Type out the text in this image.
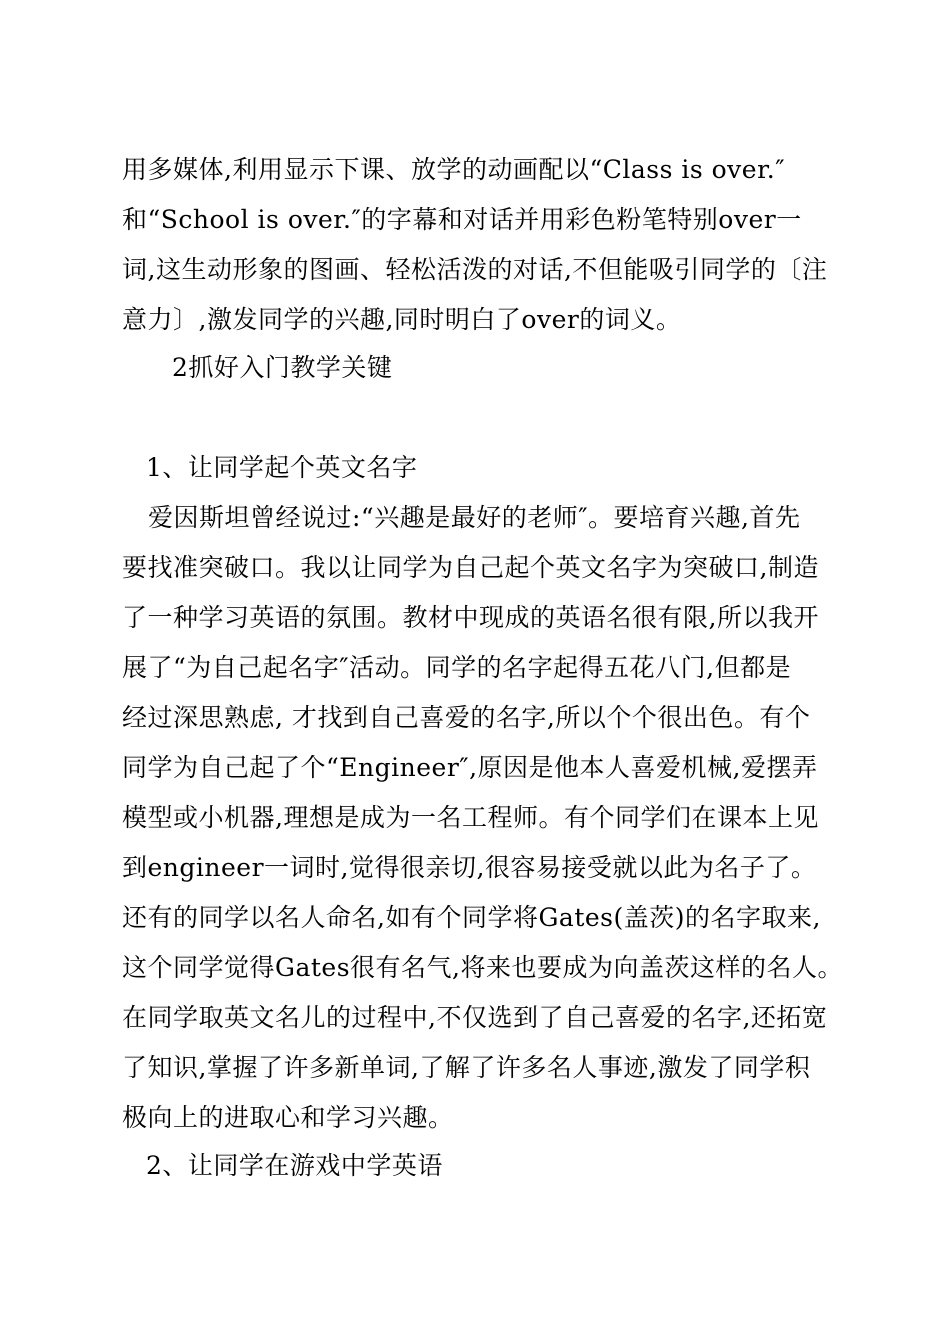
用多媒体,利用显示下课、放学的动画配以“Class is over.″
和“School is over.″的字幕和对话并用彩色粉笔特别over一
词,这生动形象的图画、轻松活泼的对话,不但能吸引同学的〔注
意力〕,激发同学的兴趣,同时明白了over的词义。
2抓好入门教学关键
1、让同学起个英文名字
爱因斯坦曾经说过:“兴趣是最好的老师″。要培育兴趣,首先
要找准突破口。我以让同学为自己起个英文名字为突破口,制造
了一种学习英语的氛围。教材中现成的英语名很有限,所以我开
展了“为自己起名字″活动。同学的名字起得五花八门,但都是
经过深思熟虑, 才找到自己喜爱的名字,所以个个很出色。有个
同学为自己起了个“Engineer″,原因是他本人喜爱机械,爱摆弄
模型或小机器,理想是成为一名工程师。有个同学们在课本上见
到engineer一词时,觉得很亲切,很容易接受就以此为名子了。
还有的同学以名人命名,如有个同学将Gates(盖茨)的名字取来,
这个同学觉得Gates很有名气,将来也要成为向盖茨这样的名人。
在同学取英文名儿的过程中,不仅选到了自己喜爱的名字,还拓宽
了知识,掌握了许多新单词,了解了许多名人事迹,激发了同学积
极向上的进取心和学习兴趣。
2、让同学在游戏中学英语
